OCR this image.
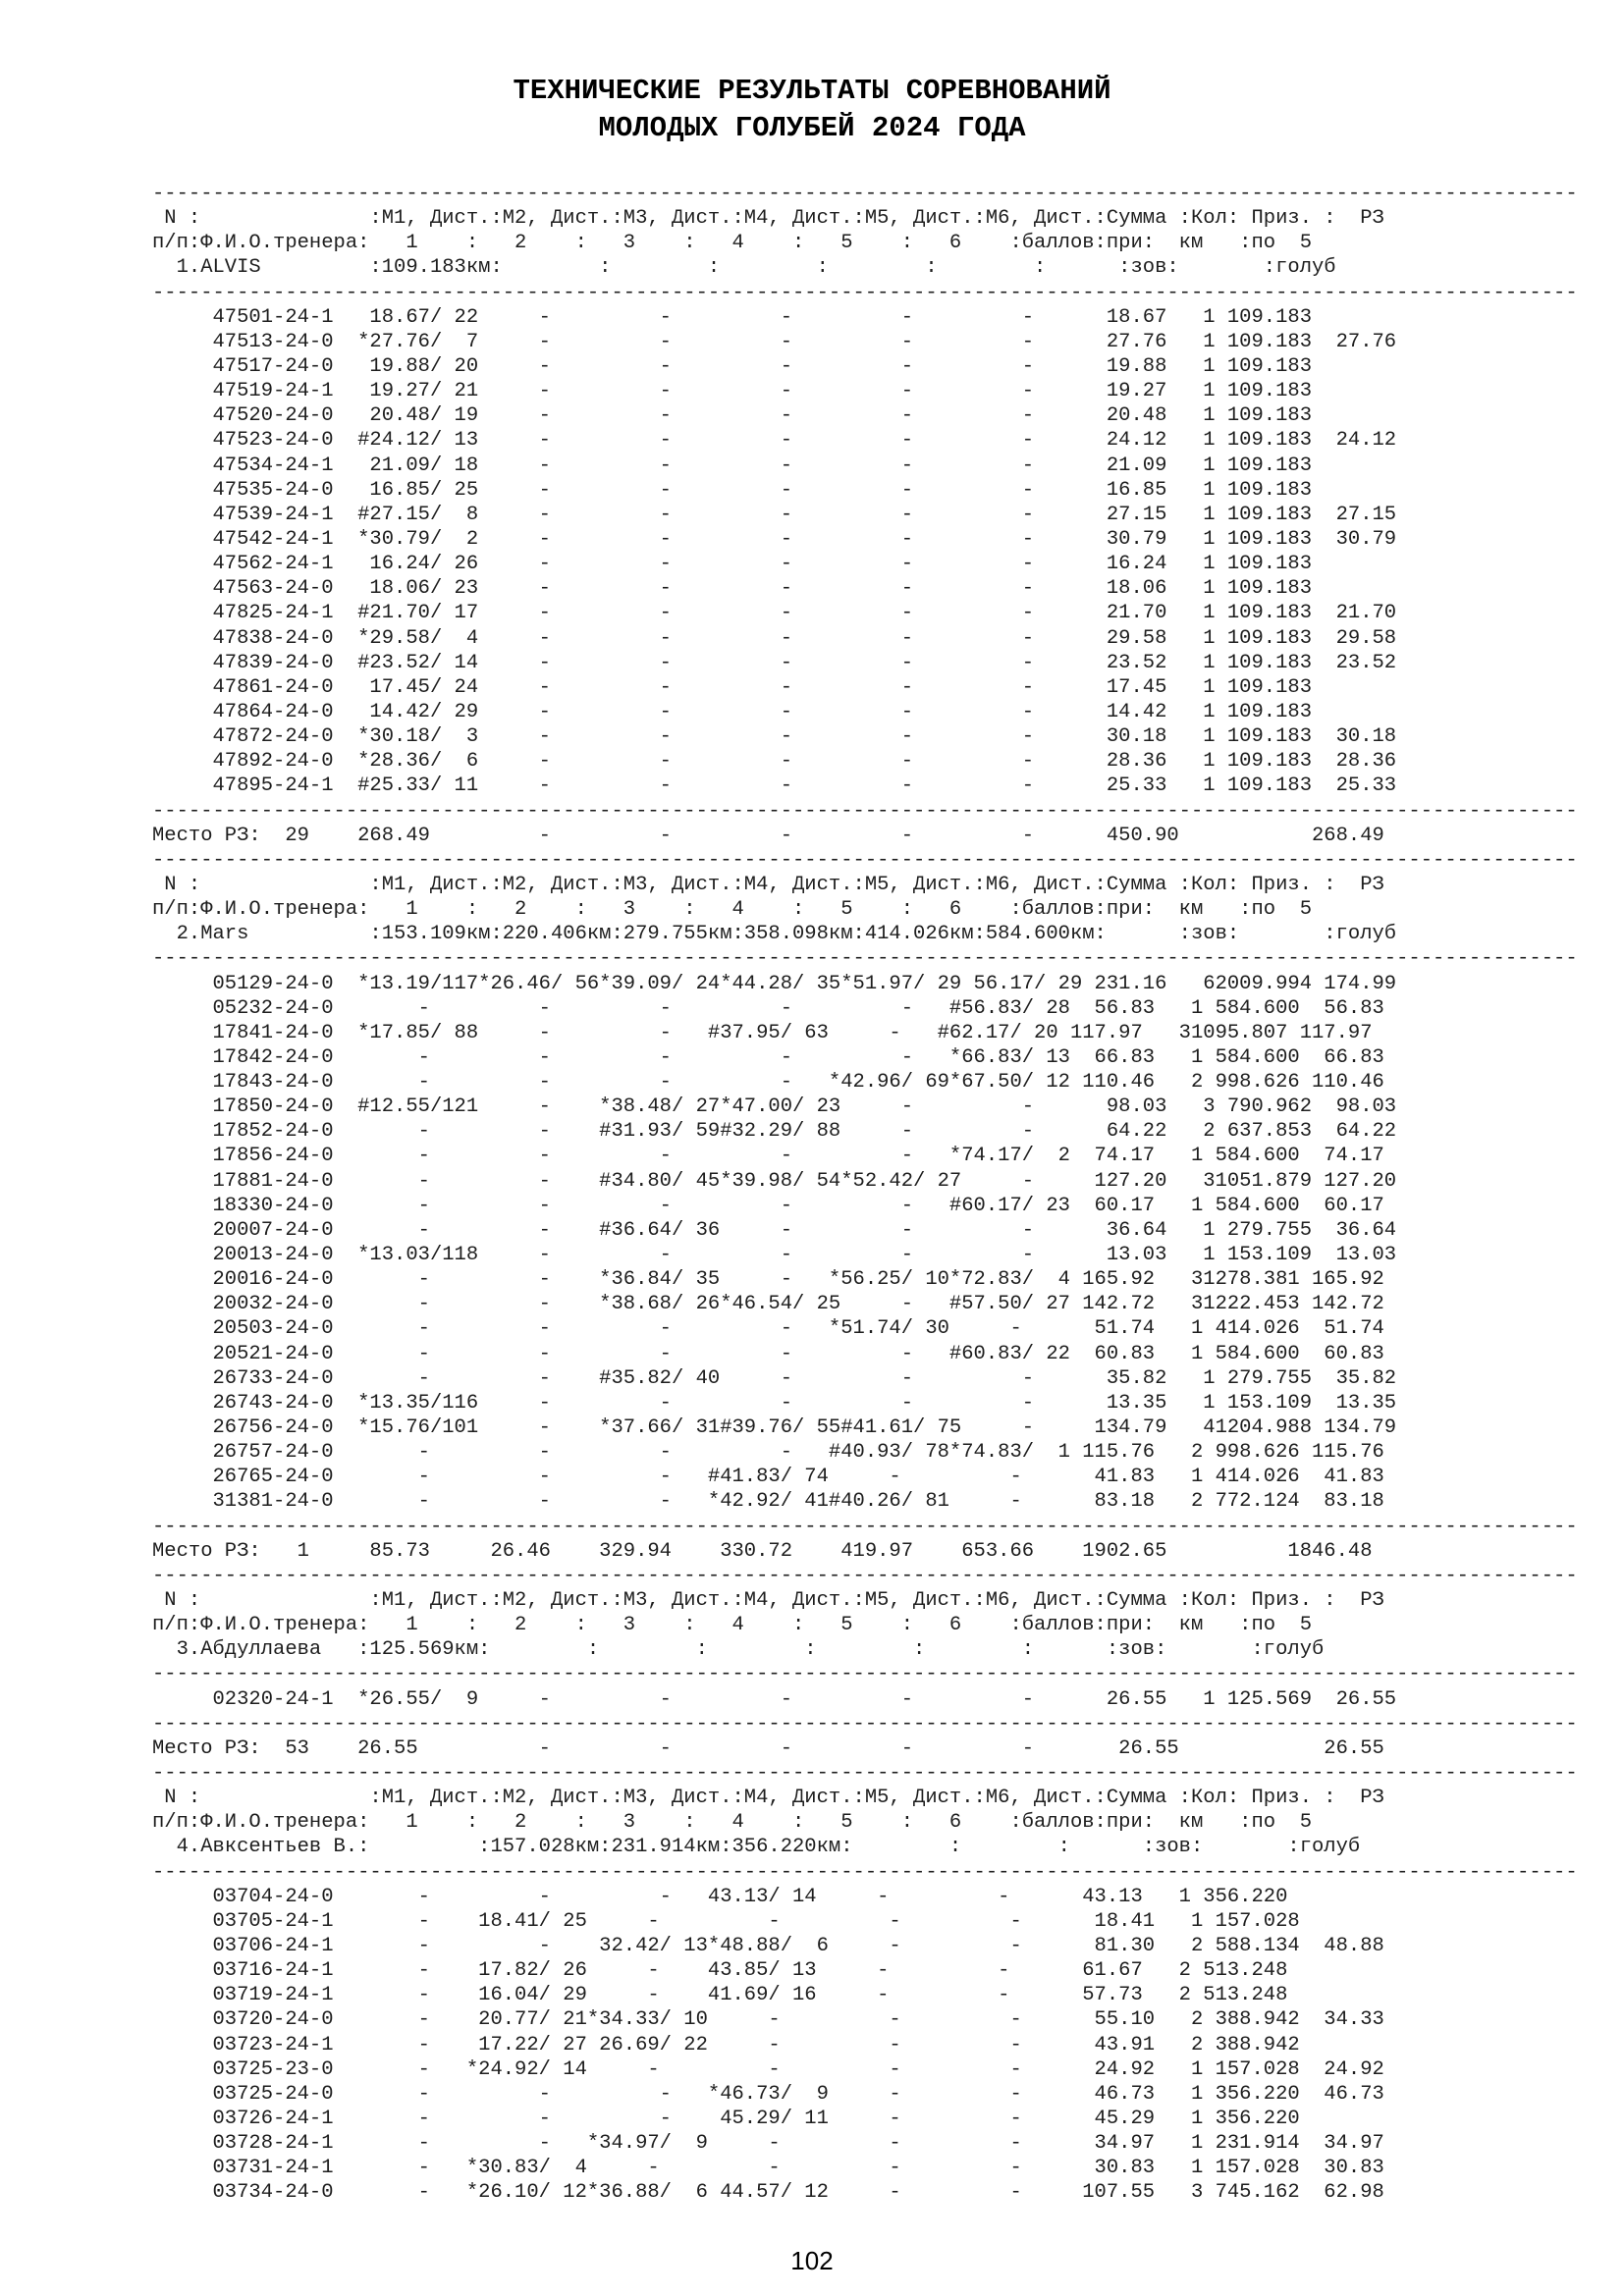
ТЕХНИЧЕСКИЕ РЕЗУЛЬТАТЫ СОРЕВНОВАНИЙ
МОЛОДЫХ ГОЛУБЕЙ 2024 ГОДА
----------------------------------------------------------------------------------------------------------------------
N :              :М1, Дист.:М2, Дист.:М3, Дист.:М4, Дист.:М5, Дист.:М6, Дист.:Сумма :Кол: Приз. :  РЗ
п/п:Ф.И.О.тренера:   1    :   2    :   3    :   4    :   5    :   6    :баллов:при:  км   :по  5
1.ALVIS         :109.183км:        :        :        :        :        :      :зов:       :голуб
----------------------------------------------------------------------------------------------------------------------
47501-24-1   18.67/ 22     -         -         -         -         -      18.67   1 109.183
47513-24-0  *27.76/  7     -         -         -         -         -      27.76   1 109.183  27.76
47517-24-0   19.88/ 20     -         -         -         -         -      19.88   1 109.183
47519-24-1   19.27/ 21     -         -         -         -         -      19.27   1 109.183
47520-24-0   20.48/ 19     -         -         -         -         -      20.48   1 109.183
47523-24-0  #24.12/ 13     -         -         -         -         -      24.12   1 109.183  24.12
47534-24-1   21.09/ 18     -         -         -         -         -      21.09   1 109.183
47535-24-0   16.85/ 25     -         -         -         -         -      16.85   1 109.183
47539-24-1  #27.15/  8     -         -         -         -         -      27.15   1 109.183  27.15
47542-24-1  *30.79/  2     -         -         -         -         -      30.79   1 109.183  30.79
47562-24-1   16.24/ 26     -         -         -         -         -      16.24   1 109.183
47563-24-0   18.06/ 23     -         -         -         -         -      18.06   1 109.183
47825-24-1  #21.70/ 17     -         -         -         -         -      21.70   1 109.183  21.70
47838-24-0  *29.58/  4     -         -         -         -         -      29.58   1 109.183  29.58
47839-24-0  #23.52/ 14     -         -         -         -         -      23.52   1 109.183  23.52
47861-24-0   17.45/ 24     -         -         -         -         -      17.45   1 109.183
47864-24-0   14.42/ 29     -         -         -         -         -      14.42   1 109.183
47872-24-0  *30.18/  3     -         -         -         -         -      30.18   1 109.183  30.18
47892-24-0  *28.36/  6     -         -         -         -         -      28.36   1 109.183  28.36
47895-24-1  #25.33/ 11     -         -         -         -         -      25.33   1 109.183  25.33
----------------------------------------------------------------------------------------------------------------------
Место РЗ:  29    268.49         -         -         -         -         -      450.90           268.49
----------------------------------------------------------------------------------------------------------------------
N :              :М1, Дист.:М2, Дист.:М3, Дист.:М4, Дист.:М5, Дист.:М6, Дист.:Сумма :Кол: Приз. :  РЗ
п/п:Ф.И.О.тренера:   1    :   2    :   3    :   4    :   5    :   6    :баллов:при:  км   :по  5
2.Mars          :153.109км:220.406км:279.755км:358.098км:414.026км:584.600км:      :зов:       :голуб
----------------------------------------------------------------------------------------------------------------------
05129-24-0  *13.19/117*26.46/ 56*39.09/ 24*44.28/ 35*51.97/ 29 56.17/ 29 231.16   62009.994 174.99
05232-24-0       -         -         -         -         -   #56.83/ 28  56.83   1 584.600  56.83
17841-24-0  *17.85/ 88     -         -   #37.95/ 63     -   #62.17/ 20 117.97   31095.807 117.97
17842-24-0       -         -         -         -         -   *66.83/ 13  66.83   1 584.600  66.83
17843-24-0       -         -         -         -   *42.96/ 69*67.50/ 12 110.46   2 998.626 110.46
17850-24-0  #12.55/121     -    *38.48/ 27*47.00/ 23     -         -      98.03   3 790.962  98.03
17852-24-0       -         -    #31.93/ 59#32.29/ 88     -         -      64.22   2 637.853  64.22
17856-24-0       -         -         -         -         -   *74.17/  2  74.17   1 584.600  74.17
17881-24-0       -         -    #34.80/ 45*39.98/ 54*52.42/ 27     -     127.20   31051.879 127.20
18330-24-0       -         -         -         -         -   #60.17/ 23  60.17   1 584.600  60.17
20007-24-0       -         -    #36.64/ 36     -         -         -      36.64   1 279.755  36.64
20013-24-0  *13.03/118     -         -         -         -         -      13.03   1 153.109  13.03
20016-24-0       -         -    *36.84/ 35     -   *56.25/ 10*72.83/  4 165.92   31278.381 165.92
20032-24-0       -         -    *38.68/ 26*46.54/ 25     -   #57.50/ 27 142.72   31222.453 142.72
20503-24-0       -         -         -         -   *51.74/ 30     -      51.74   1 414.026  51.74
20521-24-0       -         -         -         -         -   #60.83/ 22  60.83   1 584.600  60.83
26733-24-0       -         -    #35.82/ 40     -         -         -      35.82   1 279.755  35.82
26743-24-0  *13.35/116     -         -         -         -         -      13.35   1 153.109  13.35
26756-24-0  *15.76/101     -    *37.66/ 31#39.76/ 55#41.61/ 75     -     134.79   41204.988 134.79
26757-24-0       -         -         -         -   #40.93/ 78*74.83/  1 115.76   2 998.626 115.76
26765-24-0       -         -         -   #41.83/ 74     -         -      41.83   1 414.026  41.83
31381-24-0       -         -         -   *42.92/ 41#40.26/ 81     -      83.18   2 772.124  83.18
----------------------------------------------------------------------------------------------------------------------
Место РЗ:   1     85.73     26.46    329.94    330.72    419.97    653.66    1902.65          1846.48
----------------------------------------------------------------------------------------------------------------------
N :              :М1, Дист.:М2, Дист.:М3, Дист.:М4, Дист.:М5, Дист.:М6, Дист.:Сумма :Кол: Приз. :  РЗ
п/п:Ф.И.О.тренера:   1    :   2    :   3    :   4    :   5    :   6    :баллов:при:  км   :по  5
3.Абдуллаева   :125.569км:        :        :        :        :        :      :зов:       :голуб
----------------------------------------------------------------------------------------------------------------------
02320-24-1  *26.55/  9     -         -         -         -         -      26.55   1 125.569  26.55
----------------------------------------------------------------------------------------------------------------------
Место РЗ:  53    26.55          -         -         -         -         -       26.55            26.55
----------------------------------------------------------------------------------------------------------------------
N :              :М1, Дист.:М2, Дист.:М3, Дист.:М4, Дист.:М5, Дист.:М6, Дист.:Сумма :Кол: Приз. :  РЗ
п/п:Ф.И.О.тренера:   1    :   2    :   3    :   4    :   5    :   6    :баллов:при:  км   :по  5
4.Авксентьев В.:         :157.028км:231.914км:356.220км:        :        :      :зов:       :голуб
----------------------------------------------------------------------------------------------------------------------
03704-24-0       -         -         -   43.13/ 14     -         -      43.13   1 356.220
03705-24-1       -    18.41/ 25     -         -         -         -      18.41   1 157.028
03706-24-1       -         -    32.42/ 13*48.88/  6     -         -      81.30   2 588.134  48.88
03716-24-1       -    17.82/ 26     -    43.85/ 13     -         -      61.67   2 513.248
03719-24-1       -    16.04/ 29     -    41.69/ 16     -         -      57.73   2 513.248
03720-24-0       -    20.77/ 21*34.33/ 10     -         -         -      55.10   2 388.942  34.33
03723-24-1       -    17.22/ 27 26.69/ 22     -         -         -      43.91   2 388.942
03725-23-0       -   *24.92/ 14     -         -         -         -      24.92   1 157.028  24.92
03725-24-0       -         -         -   *46.73/  9     -         -      46.73   1 356.220  46.73
03726-24-1       -         -         -    45.29/ 11     -         -      45.29   1 356.220
03728-24-1       -         -   *34.97/  9     -         -         -      34.97   1 231.914  34.97
03731-24-1       -   *30.83/  4     -         -         -         -      30.83   1 157.028  30.83
03734-24-0       -   *26.10/ 12*36.88/  6 44.57/ 12     -         -     107.55   3 745.162  62.98
102
